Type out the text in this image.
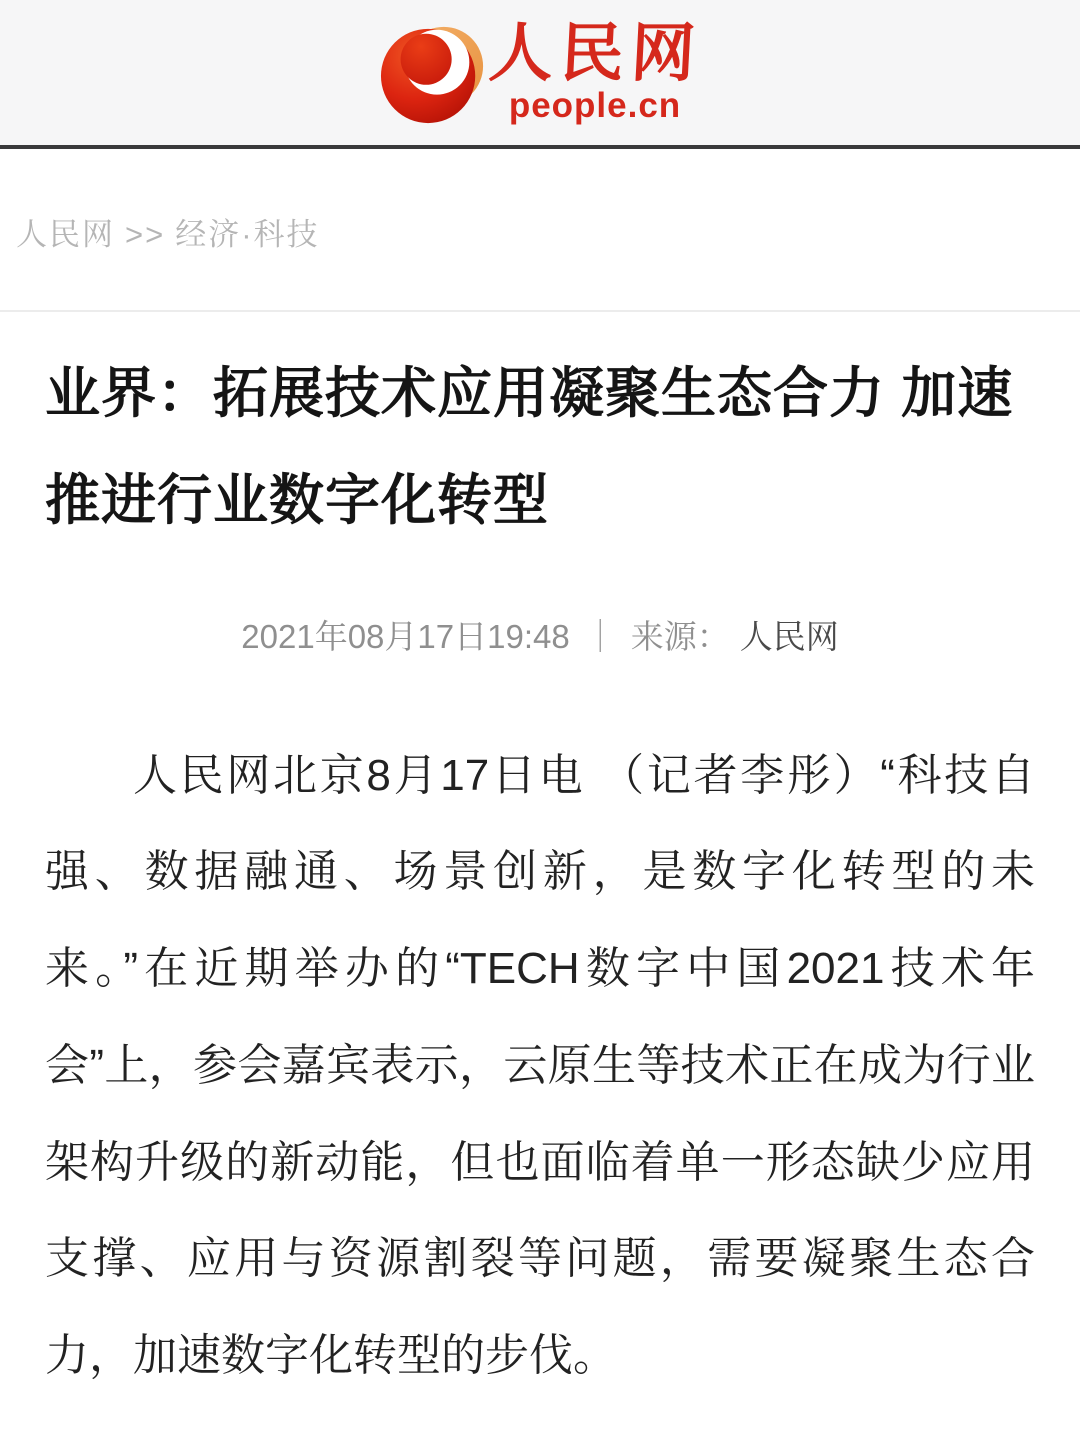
人民网
people.cn
人民网 >> 经济·科技
业界：拓展技术应用凝聚生态合力 加速推进行业数字化转型
2021年08月17日19:48 ｜ 来源： 人民网

人民网北京8月17日电 （记者李彤）“科技自强、数据融通、场景创新，是数字化转型的未来。”在近期举办的“TECH数字中国2021技术年会”上，参会嘉宾表示，云原生等技术正在成为行业架构升级的新动能，但也面临着单一形态缺少应用支撑、应用与资源割裂等问题，需要凝聚生态合力，加速数字化转型的步伐。
